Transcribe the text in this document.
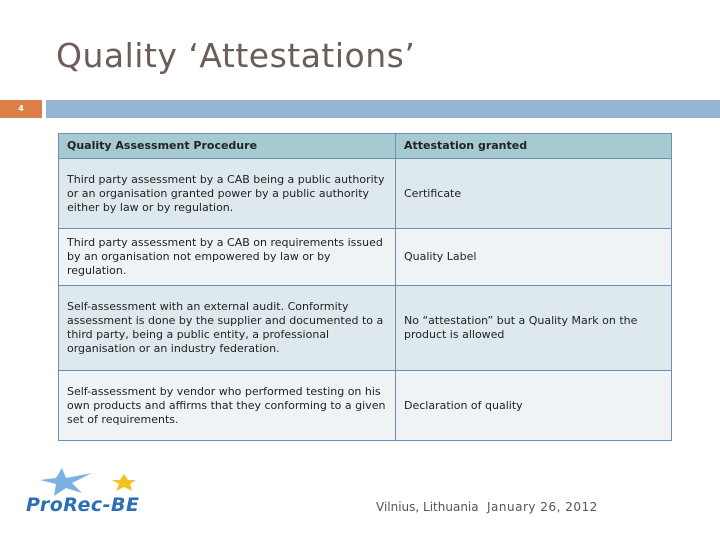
Quality ‘Attestations’
4
Quality Assessment Procedure	Attestation granted
Third party assessment by a CAB being a public authority or an organisation granted power by a public authority either by law or by regulation.	Certificate
Third party assessment by a CAB on requirements issued by an organisation not empowered by law or by regulation.	Quality Label
Self-assessment with an external audit. Conformity assessment is done by the supplier and documented to a third party, being a public entity, a professional organisation or an industry federation.	No “attestation” but a Quality Mark on the product is allowed
Self-assessment by vendor who performed testing on his own products and affirms that they conforming to a given set of requirements.	Declaration of quality
ProRec-BE	Vilnius, Lithuania January 26, 2012
